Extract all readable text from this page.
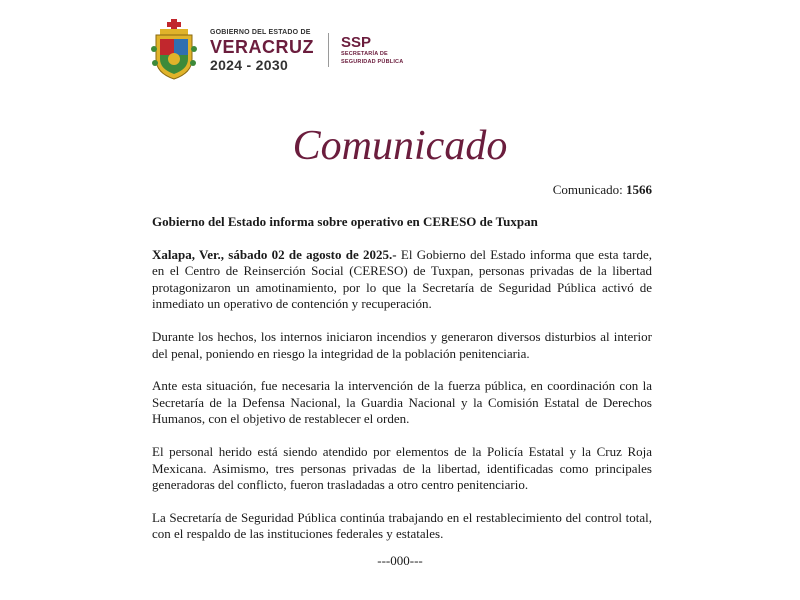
GOBIERNO DEL ESTADO DE
VERACRUZ
2024 - 2030
SSP
SECRETARÍA DE
SEGURIDAD PÚBLICA
Comunicado
Comunicado: 1566

Gobierno del Estado informa sobre operativo en CERESO de Tuxpan

Xalapa, Ver., sábado 02 de agosto de 2025.- El Gobierno del Estado informa que esta tarde, en el Centro de Reinserción Social (CERESO) de Tuxpan, personas privadas de la libertad protagonizaron un amotinamiento, por lo que la Secretaría de Seguridad Pública activó de inmediato un operativo de contención y recuperación.

Durante los hechos, los internos iniciaron incendios y generaron diversos disturbios al interior del penal, poniendo en riesgo la integridad de la población penitenciaria.

Ante esta situación, fue necesaria la intervención de la fuerza pública, en coordinación con la Secretaría de la Defensa Nacional, la Guardia Nacional y la Comisión Estatal de Derechos Humanos, con el objetivo de restablecer el orden.

El personal herido está siendo atendido por elementos de la Policía Estatal y la Cruz Roja Mexicana. Asimismo, tres personas privadas de la libertad, identificadas como principales generadoras del conflicto, fueron trasladadas a otro centro penitenciario.

La Secretaría de Seguridad Pública continúa trabajando en el restablecimiento del control total, con el respaldo de las instituciones federales y estatales.

---000---
